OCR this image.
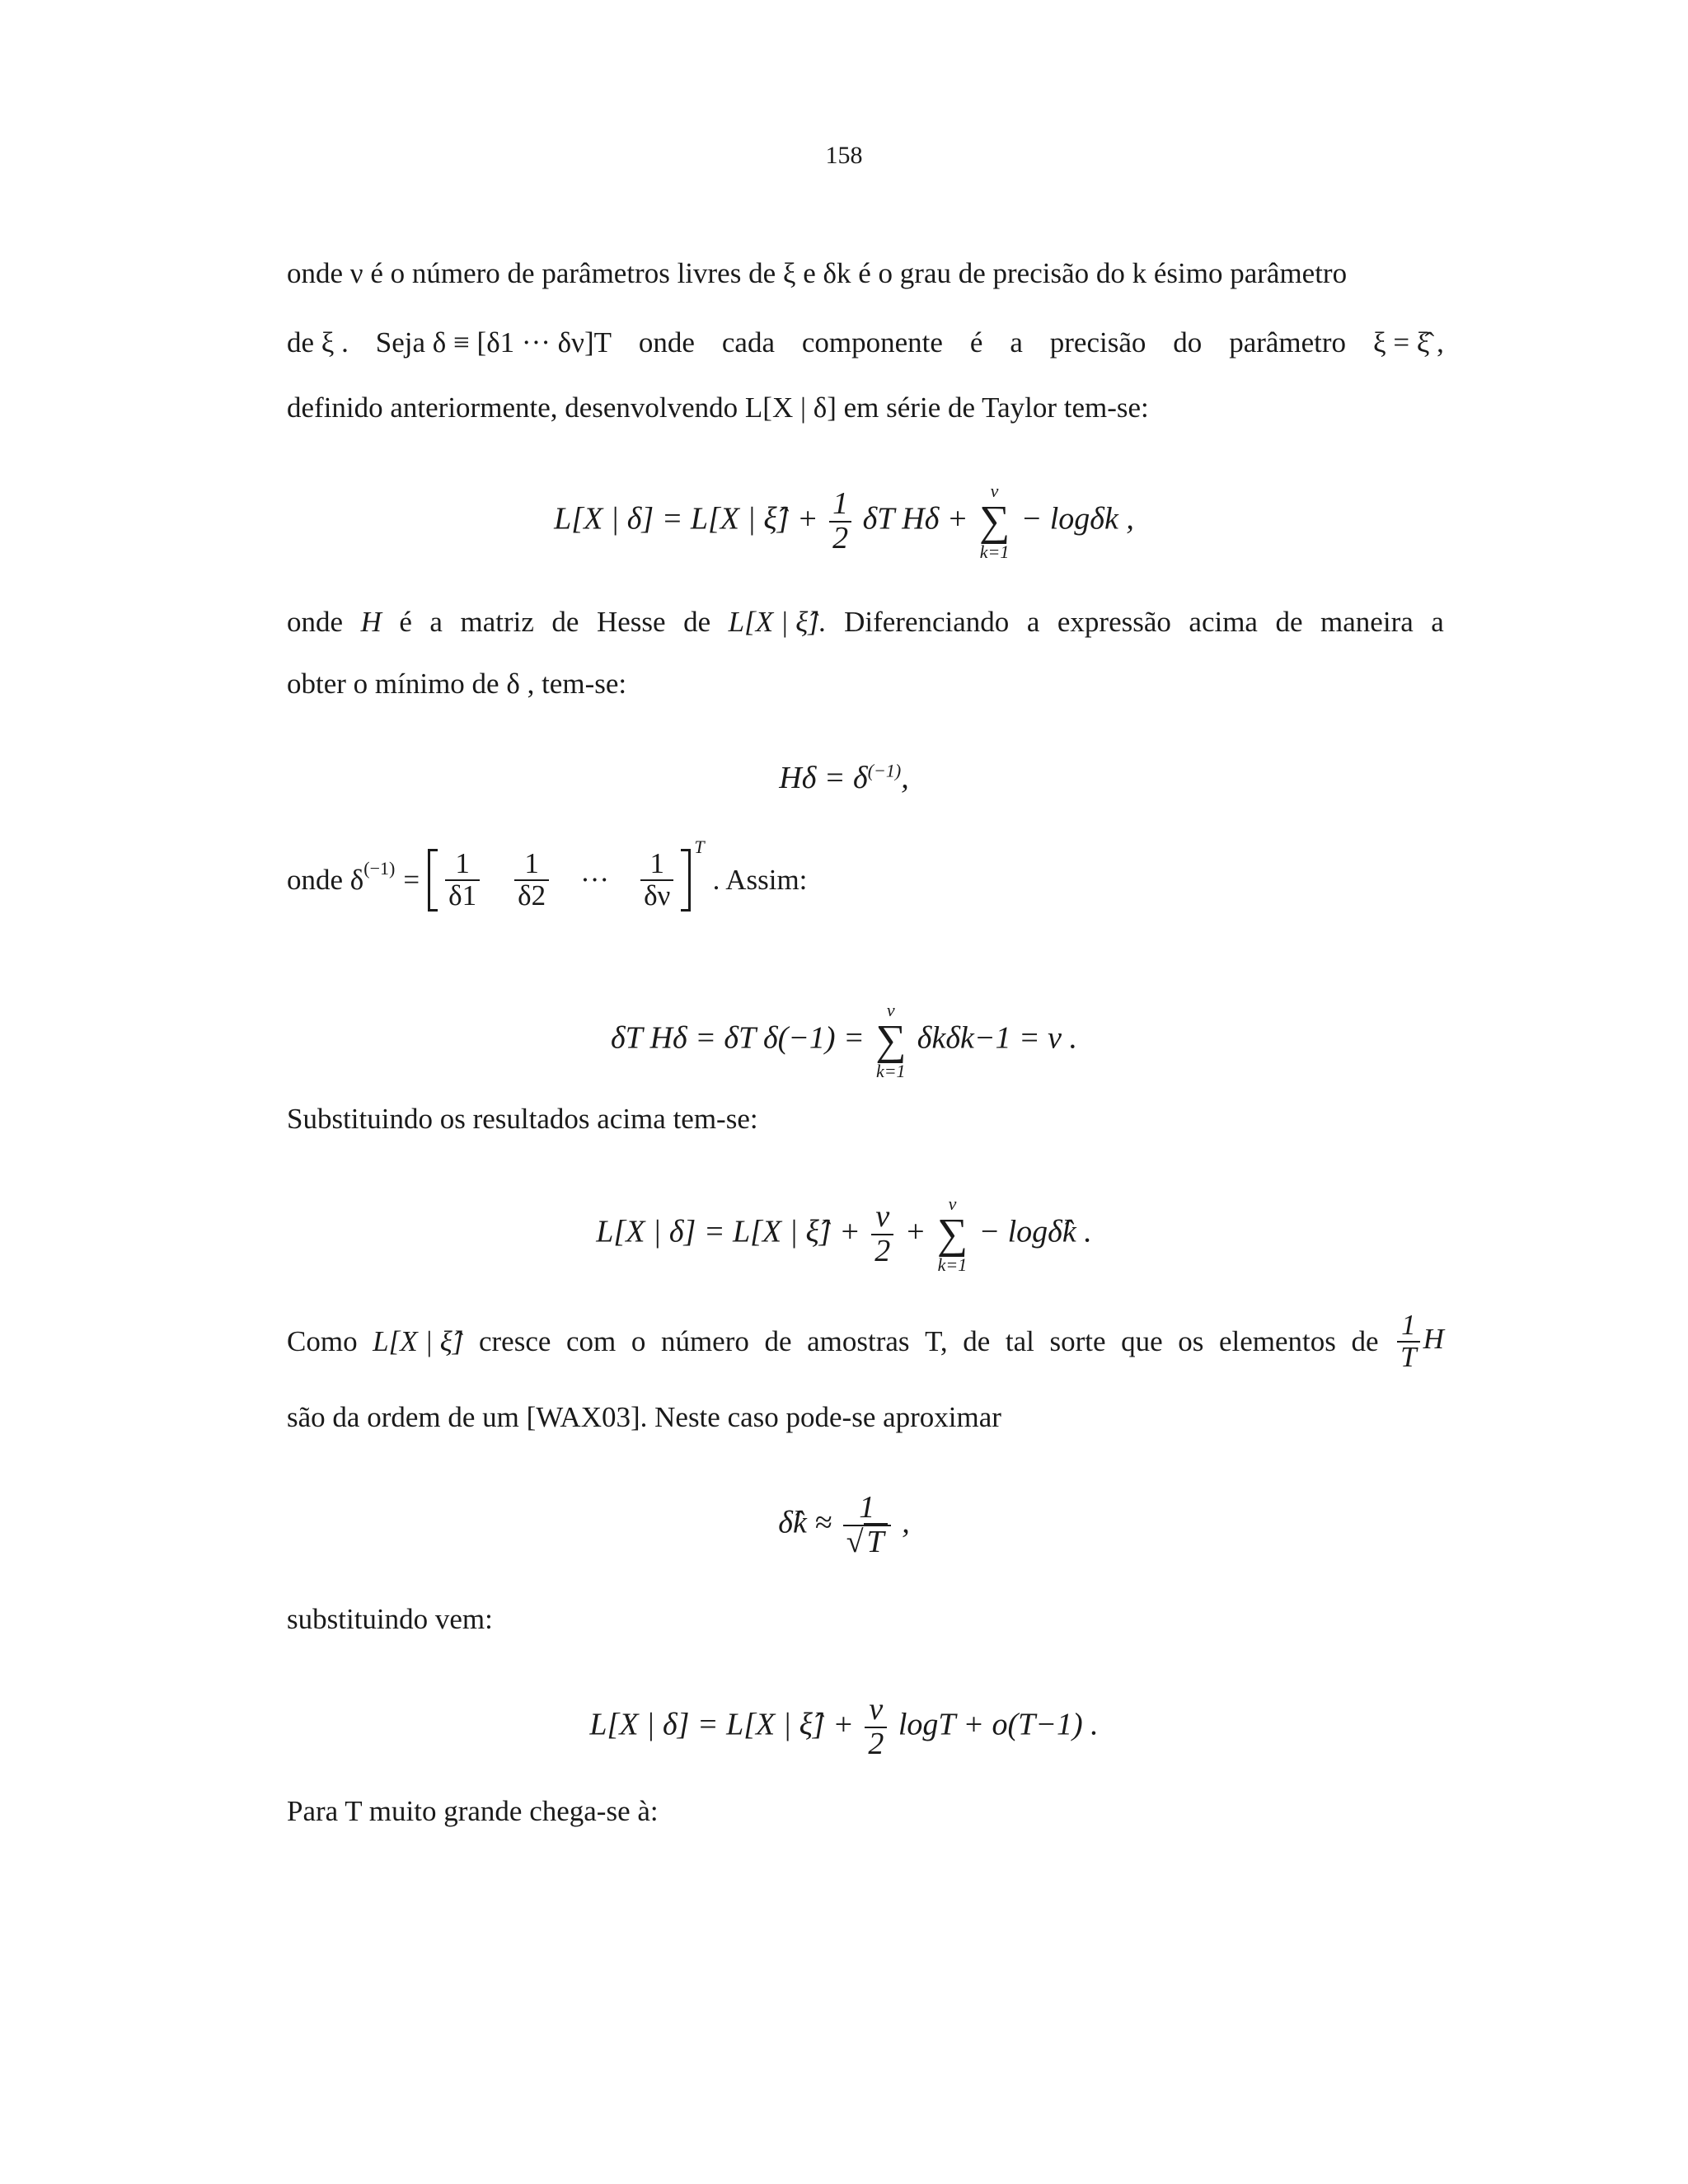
158
onde ν é o número de parâmetros livres de ξ e δk é o grau de precisão do k ésimo parâmetro
de ξ . Seja δ ≡ [δ1 ··· δν]T onde cada componente é a precisão do parâmetro ξ = ξ̂ ,
definido anteriormente, desenvolvendo L[X | δ] em série de Taylor tem-se:
L[X | δ] = L[X | ξ̂] + $\frac{1}{2}$ δT Hδ +
ν
∑
k=1
− logδk ,
onde H é a matriz de Hesse de L[X | ξ̂]. Diferenciando a expressão acima de maneira a
obter o mínimo de δ , tem-se:
$H\delta = \delta^{(-1)}$,
onde δ $(-1) = \frac{1}{\delta 1} \frac{1}{\delta 2}$ ··· $\frac{1}{\delta\nu}$
T
. Assim:
δT Hδ = δT δ(−1) =
ν
∑
k=1
δkδk−1 = ν .
Substituindo os resultados acima tem-se:
L[X | δ] = L[X | ξ̂] + $\frac{\nu}{2}$ +
ν
∑
k=1
− logδ̂k .
Como L[X | ξ̂] cresce com o número de amostras T, de tal sorte que os elementos de $\frac{1}{T}$ H
são da ordem de um [WAX03]. Neste caso pode-se aproximar
δ̂k ≈ $\frac{1}{√ T}$ ,
substituindo vem:
L[X | δ] = L[X | ξ̂] + $\frac{\nu}{2}$ logT + o(T−1) .
Para T muito grande chega-se à:
